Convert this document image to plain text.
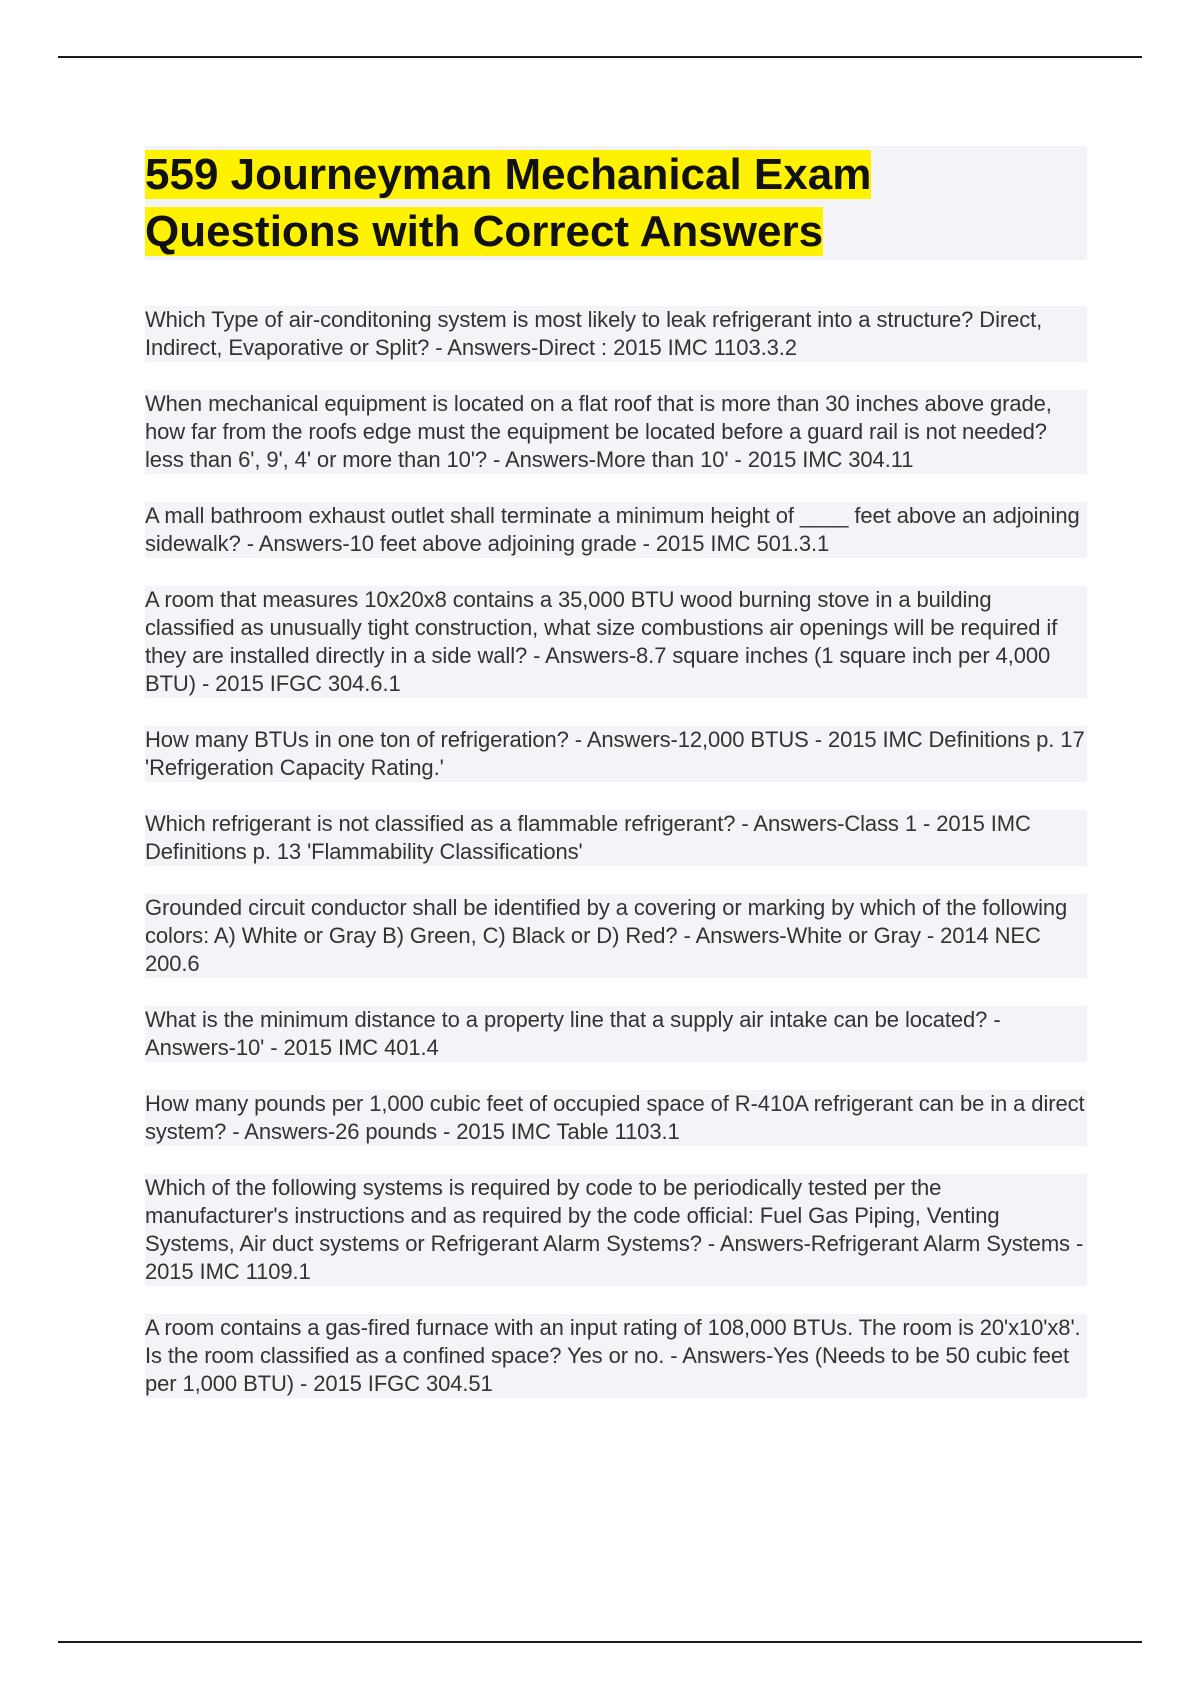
559 Journeyman Mechanical Exam Questions with Correct Answers

Which Type of air-conditoning system is most likely to leak refrigerant into a structure? Direct, Indirect, Evaporative or Split? - Answers-Direct : 2015 IMC 1103.3.2

When mechanical equipment is located on a flat roof that is more than 30 inches above grade, how far from the roofs edge must the equipment be located before a guard rail is not needed? less than 6', 9', 4' or more than 10'? - Answers-More than 10' - 2015 IMC 304.11

A mall bathroom exhaust outlet shall terminate a minimum height of ____ feet above an adjoining sidewalk? - Answers-10 feet above adjoining grade - 2015 IMC 501.3.1

A room that measures 10x20x8 contains a 35,000 BTU wood burning stove in a building classified as unusually tight construction, what size combustions air openings will be required if they are installed directly in a side wall? - Answers-8.7 square inches (1 square inch per 4,000 BTU) - 2015 IFGC 304.6.1

How many BTUs in one ton of refrigeration? - Answers-12,000 BTUS - 2015 IMC Definitions p. 17 'Refrigeration Capacity Rating.'

Which refrigerant is not classified as a flammable refrigerant? - Answers-Class 1 - 2015 IMC Definitions p. 13 'Flammability Classifications'

Grounded circuit conductor shall be identified by a covering or marking by which of the following colors: A) White or Gray B) Green, C) Black or D) Red? - Answers-White or Gray - 2014 NEC 200.6

What is the minimum distance to a property line that a supply air intake can be located? - Answers-10' - 2015 IMC 401.4

How many pounds per 1,000 cubic feet of occupied space of R-410A refrigerant can be in a direct system? - Answers-26 pounds - 2015 IMC Table 1103.1

Which of the following systems is required by code to be periodically tested per the manufacturer's instructions and as required by the code official: Fuel Gas Piping, Venting Systems, Air duct systems or Refrigerant Alarm Systems? - Answers-Refrigerant Alarm Systems - 2015 IMC 1109.1

A room contains a gas-fired furnace with an input rating of 108,000 BTUs. The room is 20'x10'x8'. Is the room classified as a confined space? Yes or no. - Answers-Yes (Needs to be 50 cubic feet per 1,000 BTU) - 2015 IFGC 304.51
